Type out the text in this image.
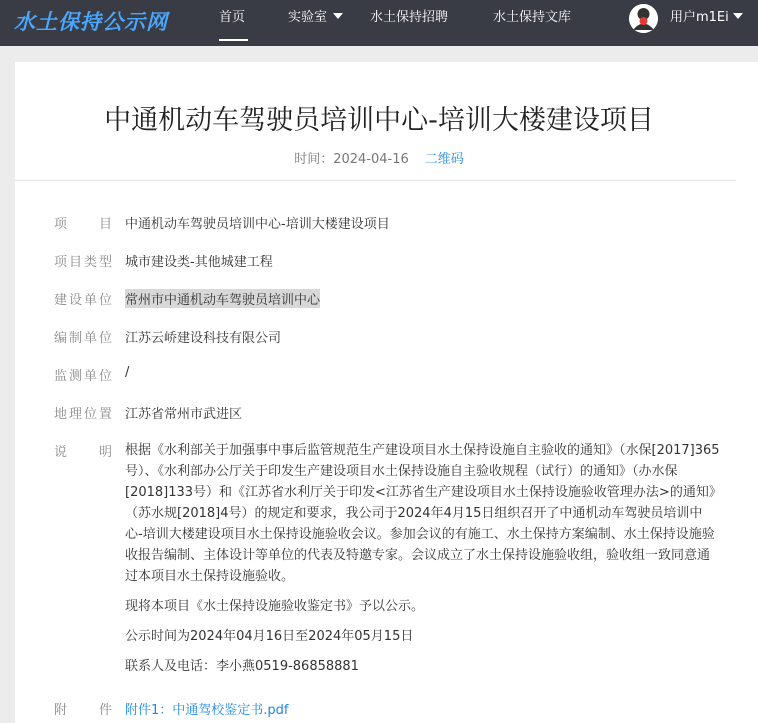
水土保持公示网	首页	实验室	水土保持招聘	水土保持文库	用户m1Ei
中通机动车驾驶员培训中心-培训大楼建设项目
时间：2024-04-16 二维码
项目 中通机动车驾驶员培训中心-培训大楼建设项目
项目类型 城市建设类-其他城建工程
建设单位 常州市中通机动车驾驶员培训中心
编制单位 江苏云峤建设科技有限公司
监测单位 /
地理位置 江苏省常州市武进区
说明 根据《水利部关于加强事中事后监管规范生产建设项目水土保持设施自主验收的通知》（水保[2017]365号）、《水利部办公厅关于印发生产建设项目水土保持设施自主验收规程（试行）的通知》（办水保[2018]133号）和《江苏省水利厅关于印发<江苏省生产建设项目水土保持设施验收管理办法>的通知》（苏水规[2018]4号）的规定和要求，我公司于2024年4月15日组织召开了中通机动车驾驶员培训中心-培训大楼建设项目水土保持设施验收会议。参加会议的有施工、水土保持方案编制、水土保持设施验收报告编制、主体设计等单位的代表及特邀专家。会议成立了水土保持设施验收组，验收组一致同意通过本项目水土保持设施验收。

现将本项目《水土保持设施验收鉴定书》予以公示。

公示时间为2024年04月16日至2024年05月15日

联系人及电话：李小燕0519-86858881

附件 附件1：中通驾校鉴定书.pdf
